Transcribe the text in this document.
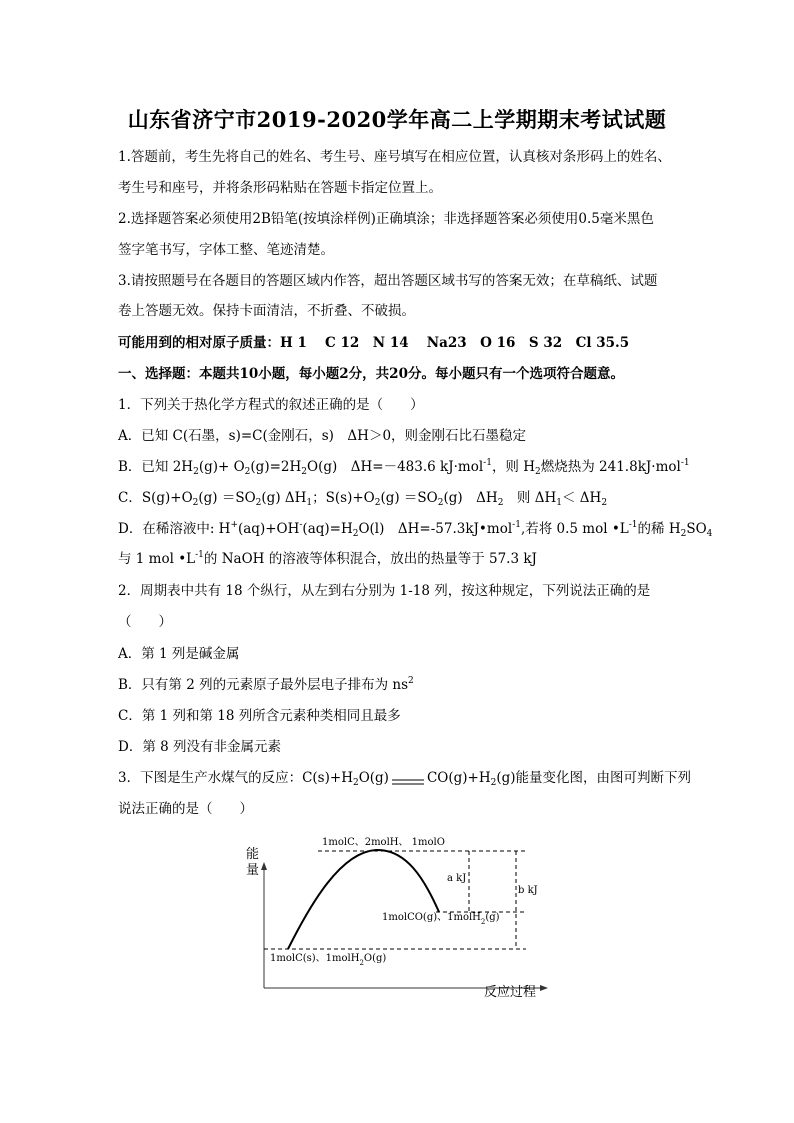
山东省济宁市2019-2020学年高二上学期期末考试试题
1.答题前，考生先将自己的姓名、考生号、座号填写在相应位置，认真核对条形码上的姓名、
考生号和座号，并将条形码粘贴在答题卡指定位置上。
2.选择题答案必须使用2B铅笔(按填涂样例)正确填涂；非选择题答案必须使用0.5毫米黑色
签字笔书写，字体工整、笔迹清楚。
3.请按照题号在各题目的答题区域内作答，超出答题区域书写的答案无效；在草稿纸、试题
卷上答题无效。保持卡面清洁，不折叠、不破损。
可能用到的相对原子质量：H 1　 C 12　N 14　 Na23　O 16　S 32　Cl 35.5
一、选择题：本题共10小题，每小题2分，共20分。每小题只有一个选项符合题意。
1．下列关于热化学方程式的叙述正确的是（　　）
A．已知 C(石墨，s)=C(金刚石，s)　ΔH＞0，则金刚石比石墨稳定
B．已知 $2H_2(g)+ O_2(g)=2H_2O(g)$　ΔH=－483.6 kJ·mol$^{-1}$，则 $H_2$燃烧热为 241.8kJ·mol$^{-1}$
C．$S(g)+O_2(g) =SO_2(g)$ $\Delta H_1$；$S(s)+O_2(g) =SO_2(g)$　$\Delta H_2$　则 $\Delta H_1< \Delta H_2$
D．在稀溶液中: $H^+(aq)+OH^-(aq)=H_2O(l)$　ΔH=-57.3kJ•mol$^{-1}$,若将 0.5 mol $•L^{-1}$的稀 $H_2SO_4$
与 1 mol $•L^{-1}$的 NaOH 的溶液等体积混合，放出的热量等于 57.3 kJ
2．周期表中共有 18 个纵行，从左到右分别为 1-18 列，按这种规定，下列说法正确的是
（　　）
A．第 1 列是碱金属
B．只有第 2 列的元素原子最外层电子排布为 $ns^2$
C．第 1 列和第 18 列所含元素种类相同且最多
D．第 8 列没有非金属元素
3．下图是生产水煤气的反应：$C(s)+H_2O(g)$	$CO(g)+H_2(g)$能量变化图，由图可判断下列
说法正确的是（　　）
能
量
反应过程
1molC、2molH、 1molO
1molCO(g)、1molH$_2$(g)
1molC(s)、1molH$_2$O(g)
a kJ
b kJ
